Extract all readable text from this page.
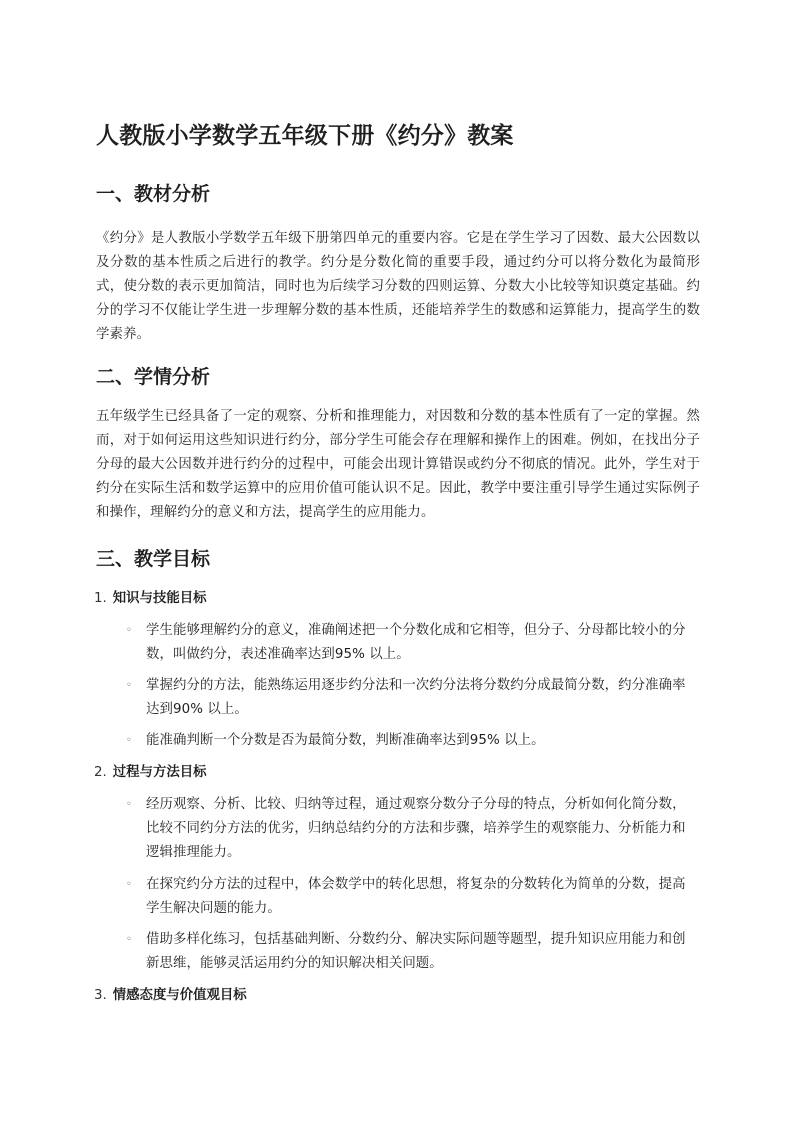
人教版小学数学五年级下册《约分》教案
一、教材分析

《约分》是人教版小学数学五年级下册第四单元的重要内容。它是在学生学习了因数、最大公因数以及分数的基本性质之后进行的教学。约分是分数化简的重要手段，通过约分可以将分数化为最简形式，使分数的表示更加简洁，同时也为后续学习分数的四则运算、分数大小比较等知识奠定基础。约分的学习不仅能让学生进一步理解分数的基本性质，还能培养学生的数感和运算能力，提高学生的数学素养。

二、学情分析

五年级学生已经具备了一定的观察、分析和推理能力，对因数和分数的基本性质有了一定的掌握。然而，对于如何运用这些知识进行约分，部分学生可能会存在理解和操作上的困难。例如，在找出分子分母的最大公因数并进行约分的过程中，可能会出现计算错误或约分不彻底的情况。此外，学生对于约分在实际生活和数学运算中的应用价值可能认识不足。因此，教学中要注重引导学生通过实际例子和操作，理解约分的意义和方法，提高学生的应用能力。

三、教学目标
1. 知识与技能目标
◦ 学生能够理解约分的意义，准确阐述把一个分数化成和它相等，但分子、分母都比较小的分数，叫做约分，表述准确率达到95% 以上。
◦ 掌握约分的方法，能熟练运用逐步约分法和一次约分法将分数约分成最简分数，约分准确率达到90% 以上。
◦ 能准确判断一个分数是否为最简分数，判断准确率达到95% 以上。
2. 过程与方法目标
◦ 经历观察、分析、比较、归纳等过程，通过观察分数分子分母的特点，分析如何化简分数，比较不同约分方法的优劣，归纳总结约分的方法和步骤，培养学生的观察能力、分析能力和逻辑推理能力。
◦ 在探究约分方法的过程中，体会数学中的转化思想，将复杂的分数转化为简单的分数，提高学生解决问题的能力。
◦ 借助多样化练习，包括基础判断、分数约分、解决实际问题等题型，提升知识应用能力和创新思维，能够灵活运用约分的知识解决相关问题。
3. 情感态度与价值观目标
